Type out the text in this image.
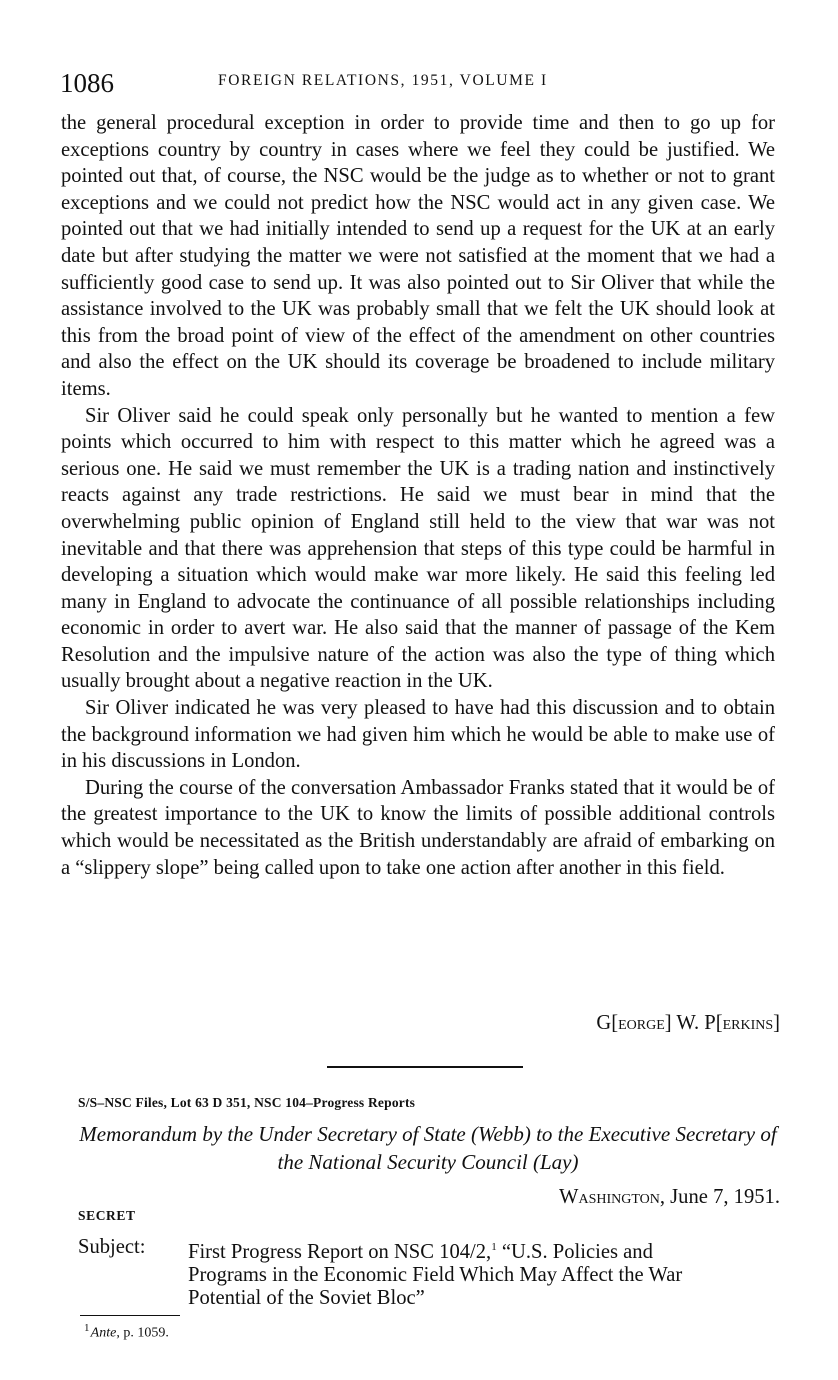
1086	FOREIGN RELATIONS, 1951, VOLUME I

the general procedural exception in order to provide time and then to go up for exceptions country by country in cases where we feel they could be justified. We pointed out that, of course, the NSC would be the judge as to whether or not to grant exceptions and we could not predict how the NSC would act in any given case. We pointed out that we had initially intended to send up a request for the UK at an early date but after studying the matter we were not satisfied at the moment that we had a sufficiently good case to send up. It was also pointed out to Sir Oliver that while the assistance involved to the UK was probably small that we felt the UK should look at this from the broad point of view of the effect of the amendment on other countries and also the effect on the UK should its coverage be broadened to include military items.

Sir Oliver said he could speak only personally but he wanted to mention a few points which occurred to him with respect to this matter which he agreed was a serious one. He said we must remember the UK is a trading nation and instinctively reacts against any trade restrictions. He said we must bear in mind that the overwhelming public opinion of England still held to the view that war was not inevitable and that there was apprehension that steps of this type could be harmful in developing a situation which would make war more likely. He said this feeling led many in England to advocate the continuance of all possible relationships including economic in order to avert war. He also said that the manner of passage of the Kem Resolution and the impulsive nature of the action was also the type of thing which usually brought about a negative reaction in the UK.

Sir Oliver indicated he was very pleased to have had this discussion and to obtain the background information we had given him which he would be able to make use of in his discussions in London.

During the course of the conversation Ambassador Franks stated that it would be of the greatest importance to the UK to know the limits of possible additional controls which would be necessitated as the British understandably are afraid of embarking on a “slippery slope” being called upon to take one action after another in this field.

G[eorge] W. P[erkins]
S/S–NSC Files, Lot 63 D 351, NSC 104–Progress Reports
Memorandum by the Under Secretary of State (Webb) to the Executive Secretary of the National Security Council (Lay)
SECRET
Washington, June 7, 1951.
Subject:	First Progress Report on NSC 104/2,$^1$ “U.S. Policies and
Programs in the Economic Field Which May Affect the War
Potential of the Soviet Bloc”
$^1$ Ante, p. 1059.
